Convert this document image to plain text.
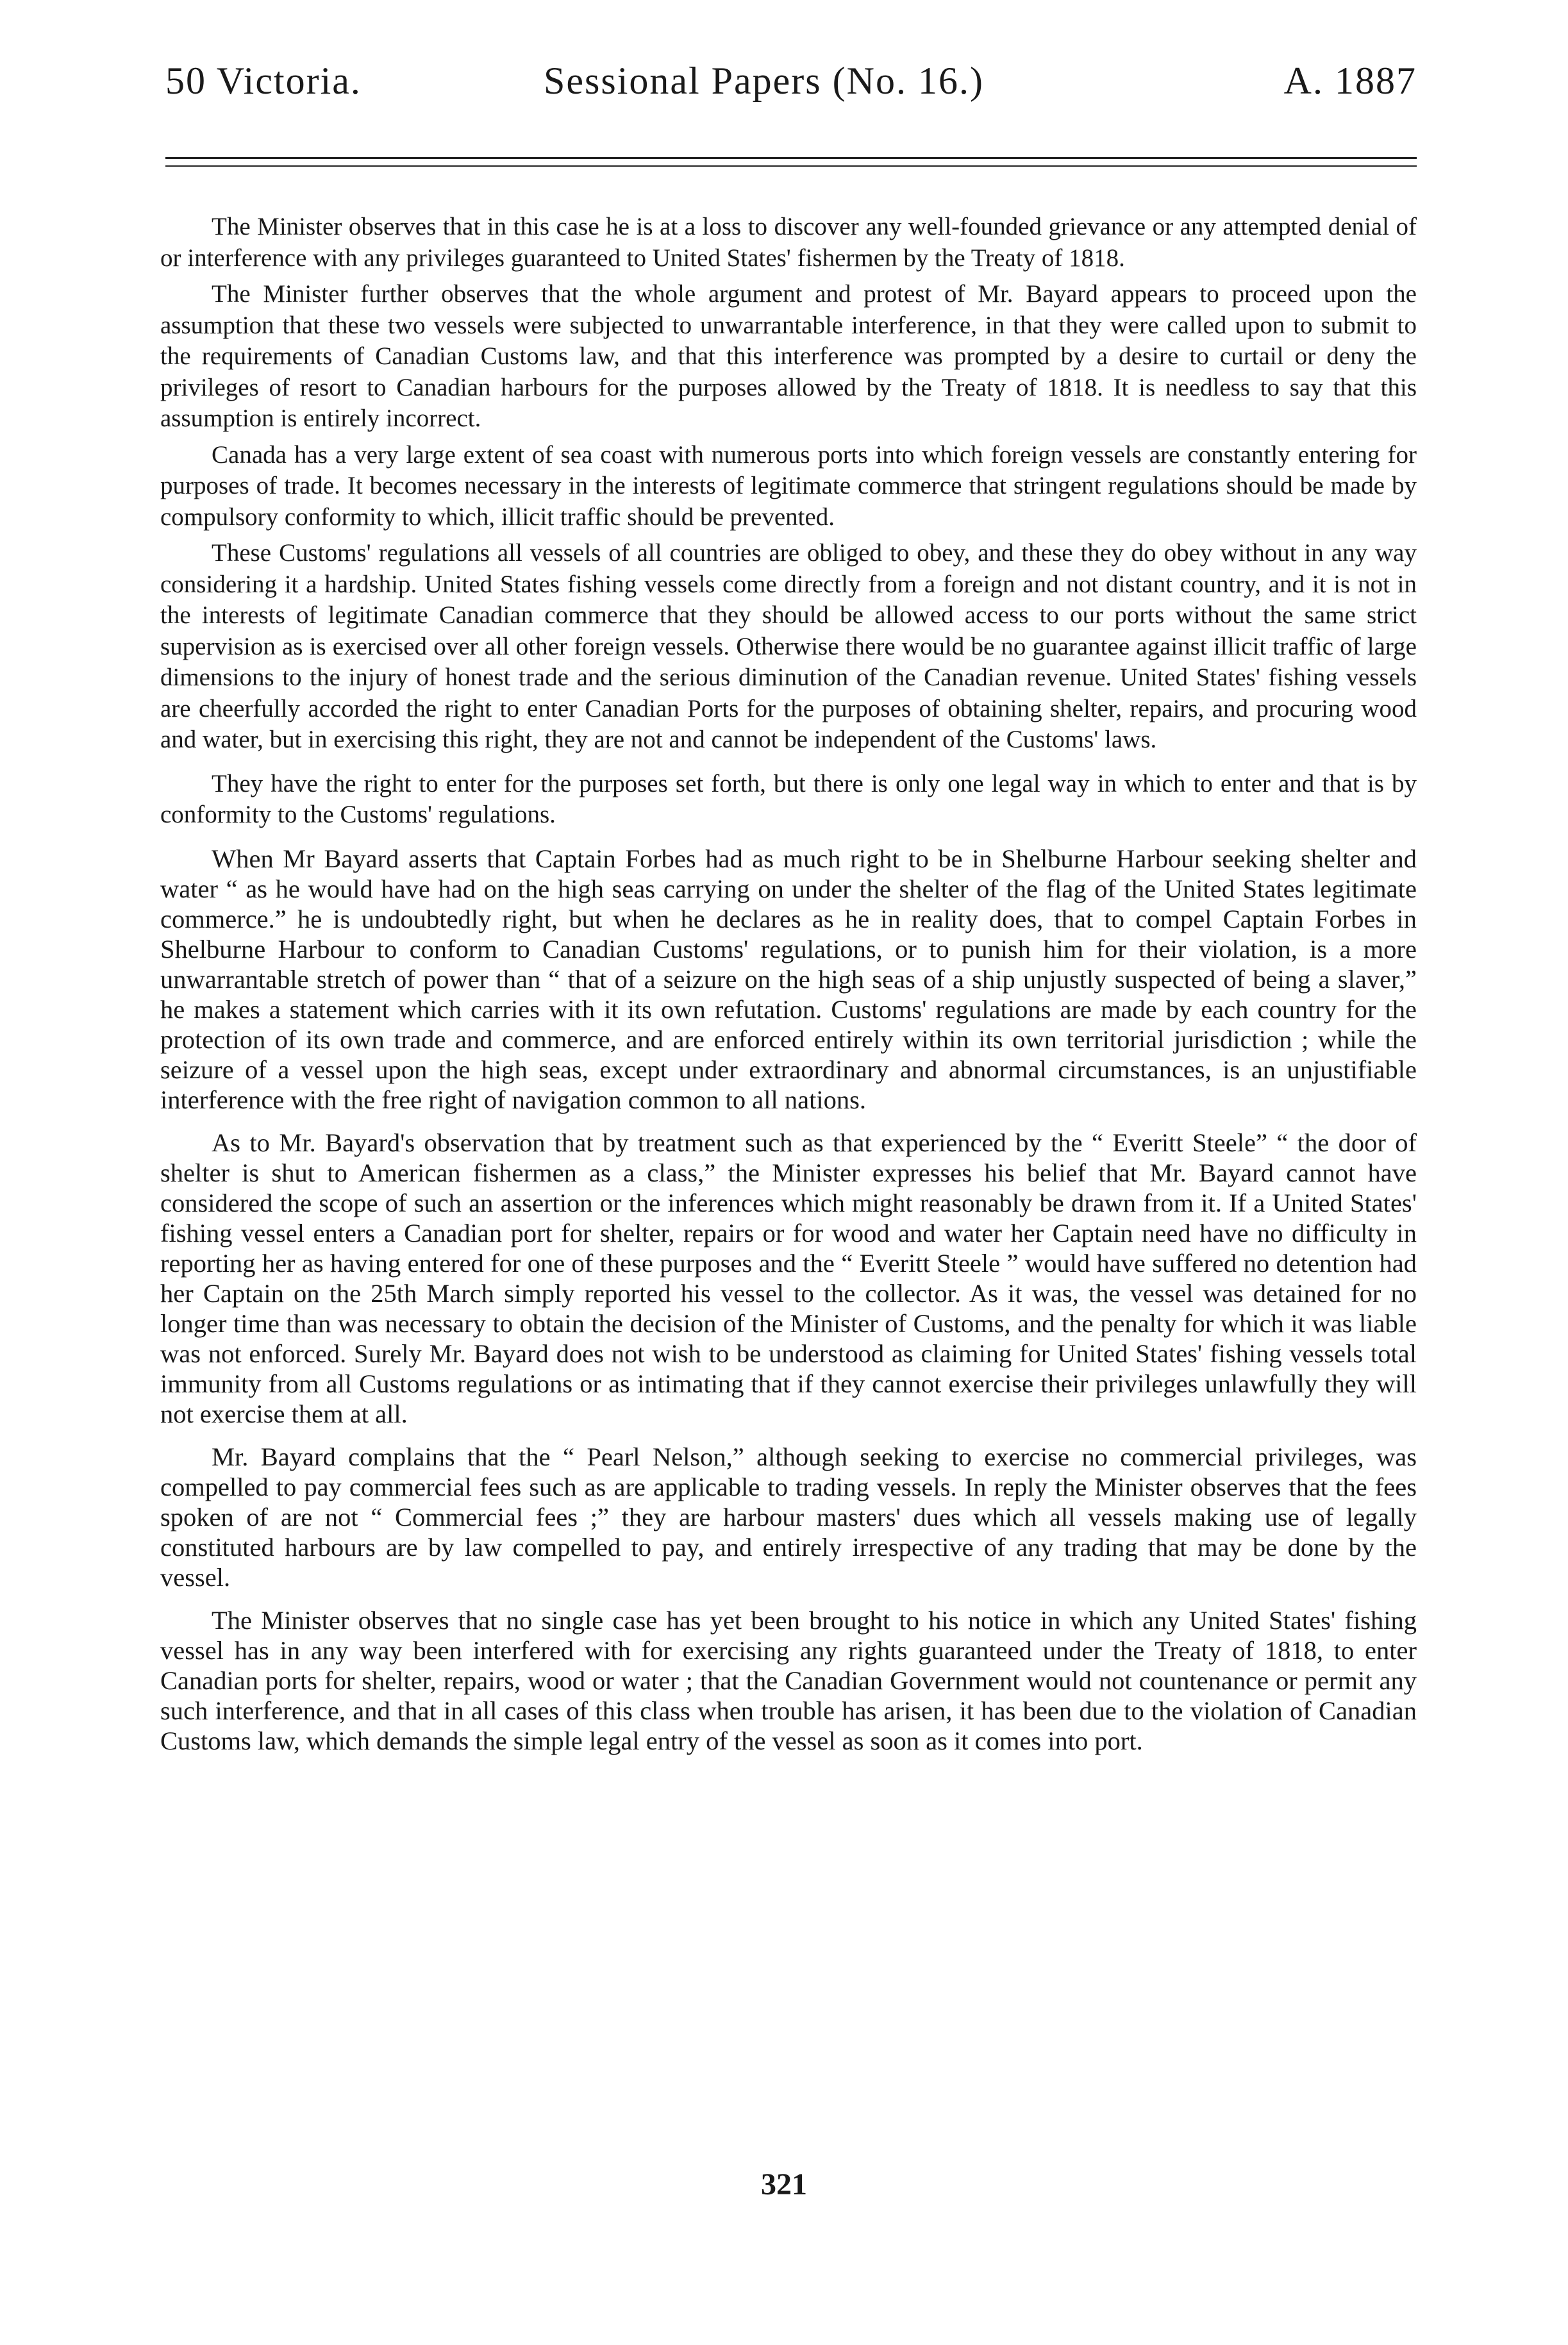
50 Victoria.	Sessional Papers (No. 16.)	A. 1887

The Minister observes that in this case he is at a loss to discover any well-founded grievance or any attempted denial of or interference with any privileges guaranteed to United States' fishermen by the Treaty of 1818.

The Minister further observes that the whole argument and protest of Mr. Bayard appears to proceed upon the assumption that these two vessels were subjected to unwarrantable interference, in that they were called upon to submit to the requirements of Canadian Customs law, and that this interference was prompted by a desire to curtail or deny the privileges of resort to Canadian harbours for the purposes allowed by the Treaty of 1818. It is needless to say that this assumption is entirely incorrect.

Canada has a very large extent of sea coast with numerous ports into which foreign vessels are constantly entering for purposes of trade. It becomes necessary in the interests of legitimate commerce that stringent regulations should be made by compulsory conformity to which, illicit traffic should be prevented.

These Customs' regulations all vessels of all countries are obliged to obey, and these they do obey without in any way considering it a hardship. United States fishing vessels come directly from a foreign and not distant country, and it is not in the interests of legitimate Canadian commerce that they should be allowed access to our ports without the same strict supervision as is exercised over all other foreign vessels. Otherwise there would be no guarantee against illicit traffic of large dimensions to the injury of honest trade and the serious diminution of the Canadian revenue. United States' fishing vessels are cheerfully accorded the right to enter Canadian Ports for the purposes of obtaining shelter, repairs, and procuring wood and water, but in exercising this right, they are not and cannot be independent of the Customs' laws.

They have the right to enter for the purposes set forth, but there is only one legal way in which to enter and that is by conformity to the Customs' regulations.

When Mr Bayard asserts that Captain Forbes had as much right to be in Shelburne Harbour seeking shelter and water “ as he would have had on the high seas carrying on under the shelter of the flag of the United States legitimate commerce.” he is undoubtedly right, but when he declares as he in reality does, that to compel Captain Forbes in Shelburne Harbour to conform to Canadian Customs' regulations, or to punish him for their violation, is a more unwarrantable stretch of power than “ that of a seizure on the high seas of a ship unjustly suspected of being a slaver,” he makes a statement which carries with it its own refutation. Customs' regulations are made by each country for the protection of its own trade and commerce, and are enforced entirely within its own territorial jurisdiction ; while the seizure of a vessel upon the high seas, except under extraordinary and abnormal circumstances, is an unjustifiable interference with the free right of navigation common to all nations.

As to Mr. Bayard's observation that by treatment such as that experienced by the “ Everitt Steele” “ the door of shelter is shut to American fishermen as a class,” the Minister expresses his belief that Mr. Bayard cannot have considered the scope of such an assertion or the inferences which might reasonably be drawn from it. If a United States' fishing vessel enters a Canadian port for shelter, repairs or for wood and water her Captain need have no difficulty in reporting her as having entered for one of these purposes and the “ Everitt Steele ” would have suffered no detention had her Captain on the 25th March simply reported his vessel to the collector. As it was, the vessel was detained for no longer time than was necessary to obtain the decision of the Minister of Customs, and the penalty for which it was liable was not enforced. Surely Mr. Bayard does not wish to be understood as claiming for United States' fishing vessels total immunity from all Customs regulations or as intimating that if they cannot exercise their privileges unlawfully they will not exercise them at all.

Mr. Bayard complains that the “ Pearl Nelson,” although seeking to exercise no commercial privileges, was compelled to pay commercial fees such as are applicable to trading vessels. In reply the Minister observes that the fees spoken of are not “ Commercial fees ;” they are harbour masters' dues which all vessels making use of legally constituted harbours are by law compelled to pay, and entirely irrespective of any trading that may be done by the vessel.

The Minister observes that no single case has yet been brought to his notice in which any United States' fishing vessel has in any way been interfered with for exercising any rights guaranteed under the Treaty of 1818, to enter Canadian ports for shelter, repairs, wood or water ; that the Canadian Government would not countenance or permit any such interference, and that in all cases of this class when trouble has arisen, it has been due to the violation of Canadian Customs law, which demands the simple legal entry of the vessel as soon as it comes into port.

321
